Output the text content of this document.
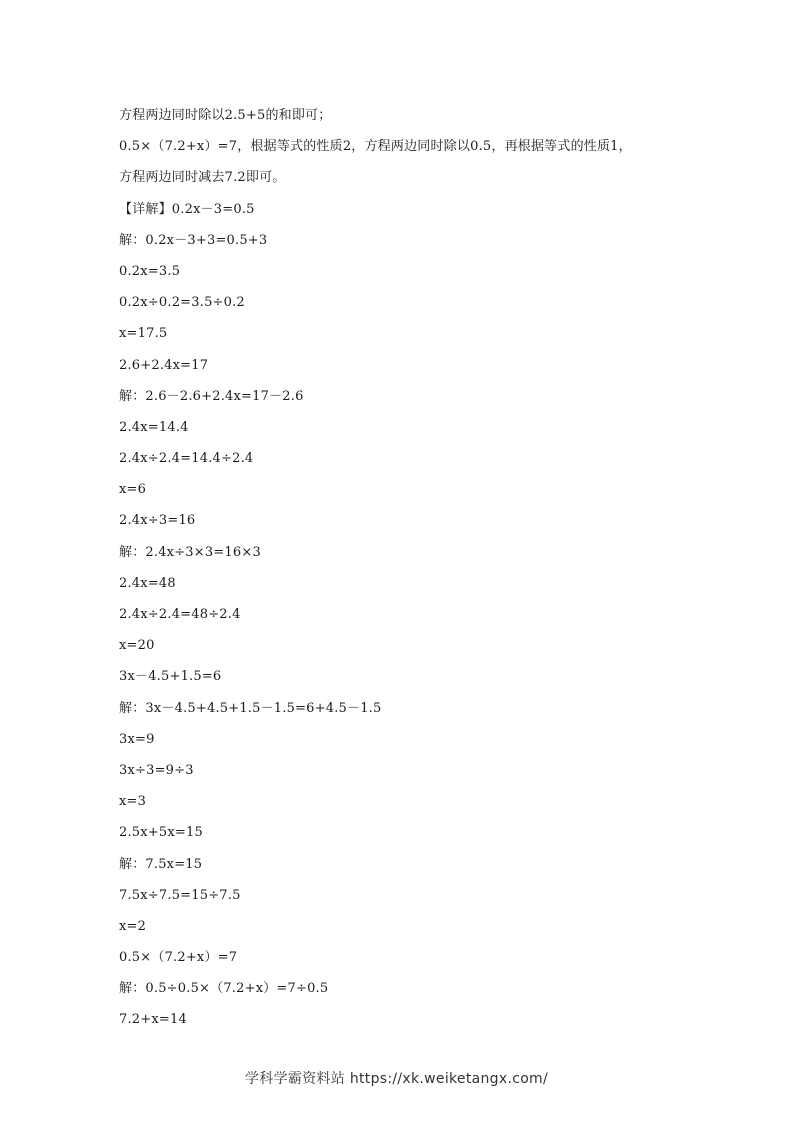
方程两边同时除以2.5+5的和即可；
0.5×（7.2+x）=7，根据等式的性质2，方程两边同时除以0.5，再根据等式的性质1，
方程两边同时减去7.2即可。
【详解】0.2x－3=0.5
解：0.2x－3+3=0.5+3
0.2x=3.5
0.2x÷0.2=3.5÷0.2
x=17.5
2.6+2.4x=17
解：2.6－2.6+2.4x=17－2.6
2.4x=14.4
2.4x÷2.4=14.4÷2.4
x=6
2.4x÷3=16
解：2.4x÷3×3=16×3
2.4x=48
2.4x÷2.4=48÷2.4
x=20
3x－4.5+1.5=6
解：3x－4.5+4.5+1.5－1.5=6+4.5－1.5
3x=9
3x÷3=9÷3
x=3
2.5x+5x=15
解：7.5x=15
7.5x÷7.5=15÷7.5
x=2
0.5×（7.2+x）=7
解：0.5÷0.5×（7.2+x）=7÷0.5
7.2+x=14
学科学霸资料站 https://xk.weiketangx.com/
